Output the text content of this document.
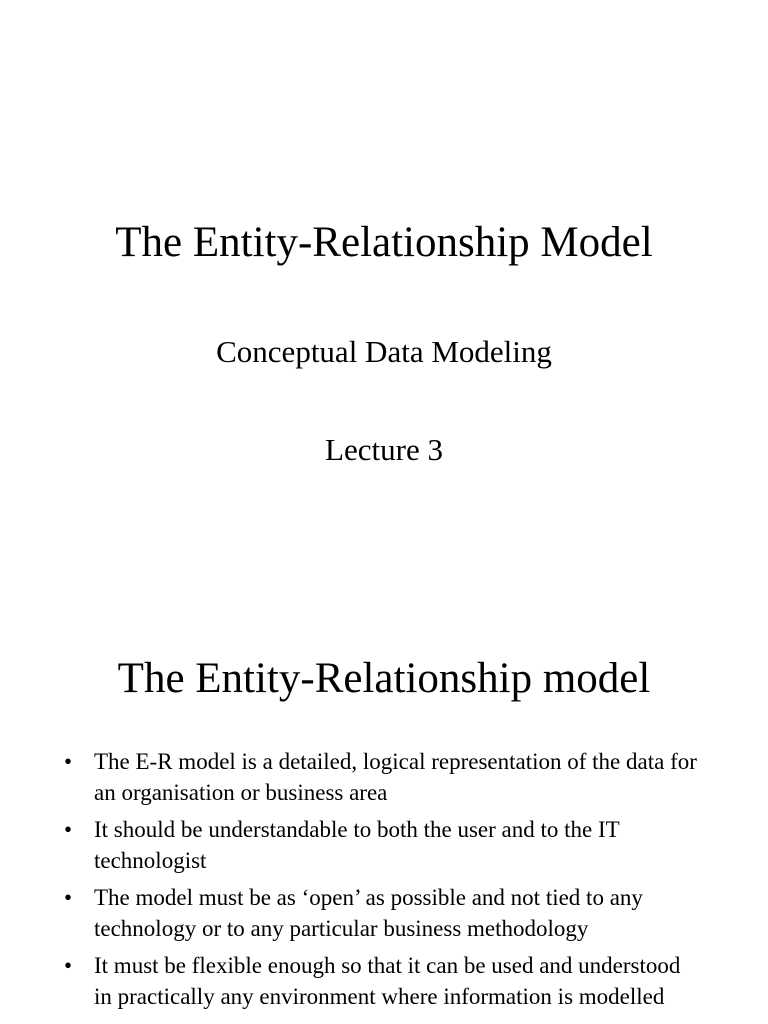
The Entity-Relationship Model
Conceptual Data Modeling
Lecture 3
The Entity-Relationship model
• The E-R model is a detailed, logical representation of the data for an organisation or business area
• It should be understandable to both the user and to the IT technologist
• The model must be as ‘open’ as possible and not tied to any technology or to any particular business methodology
• It must be flexible enough so that it can be used and understood in practically any environment where information is modelled
